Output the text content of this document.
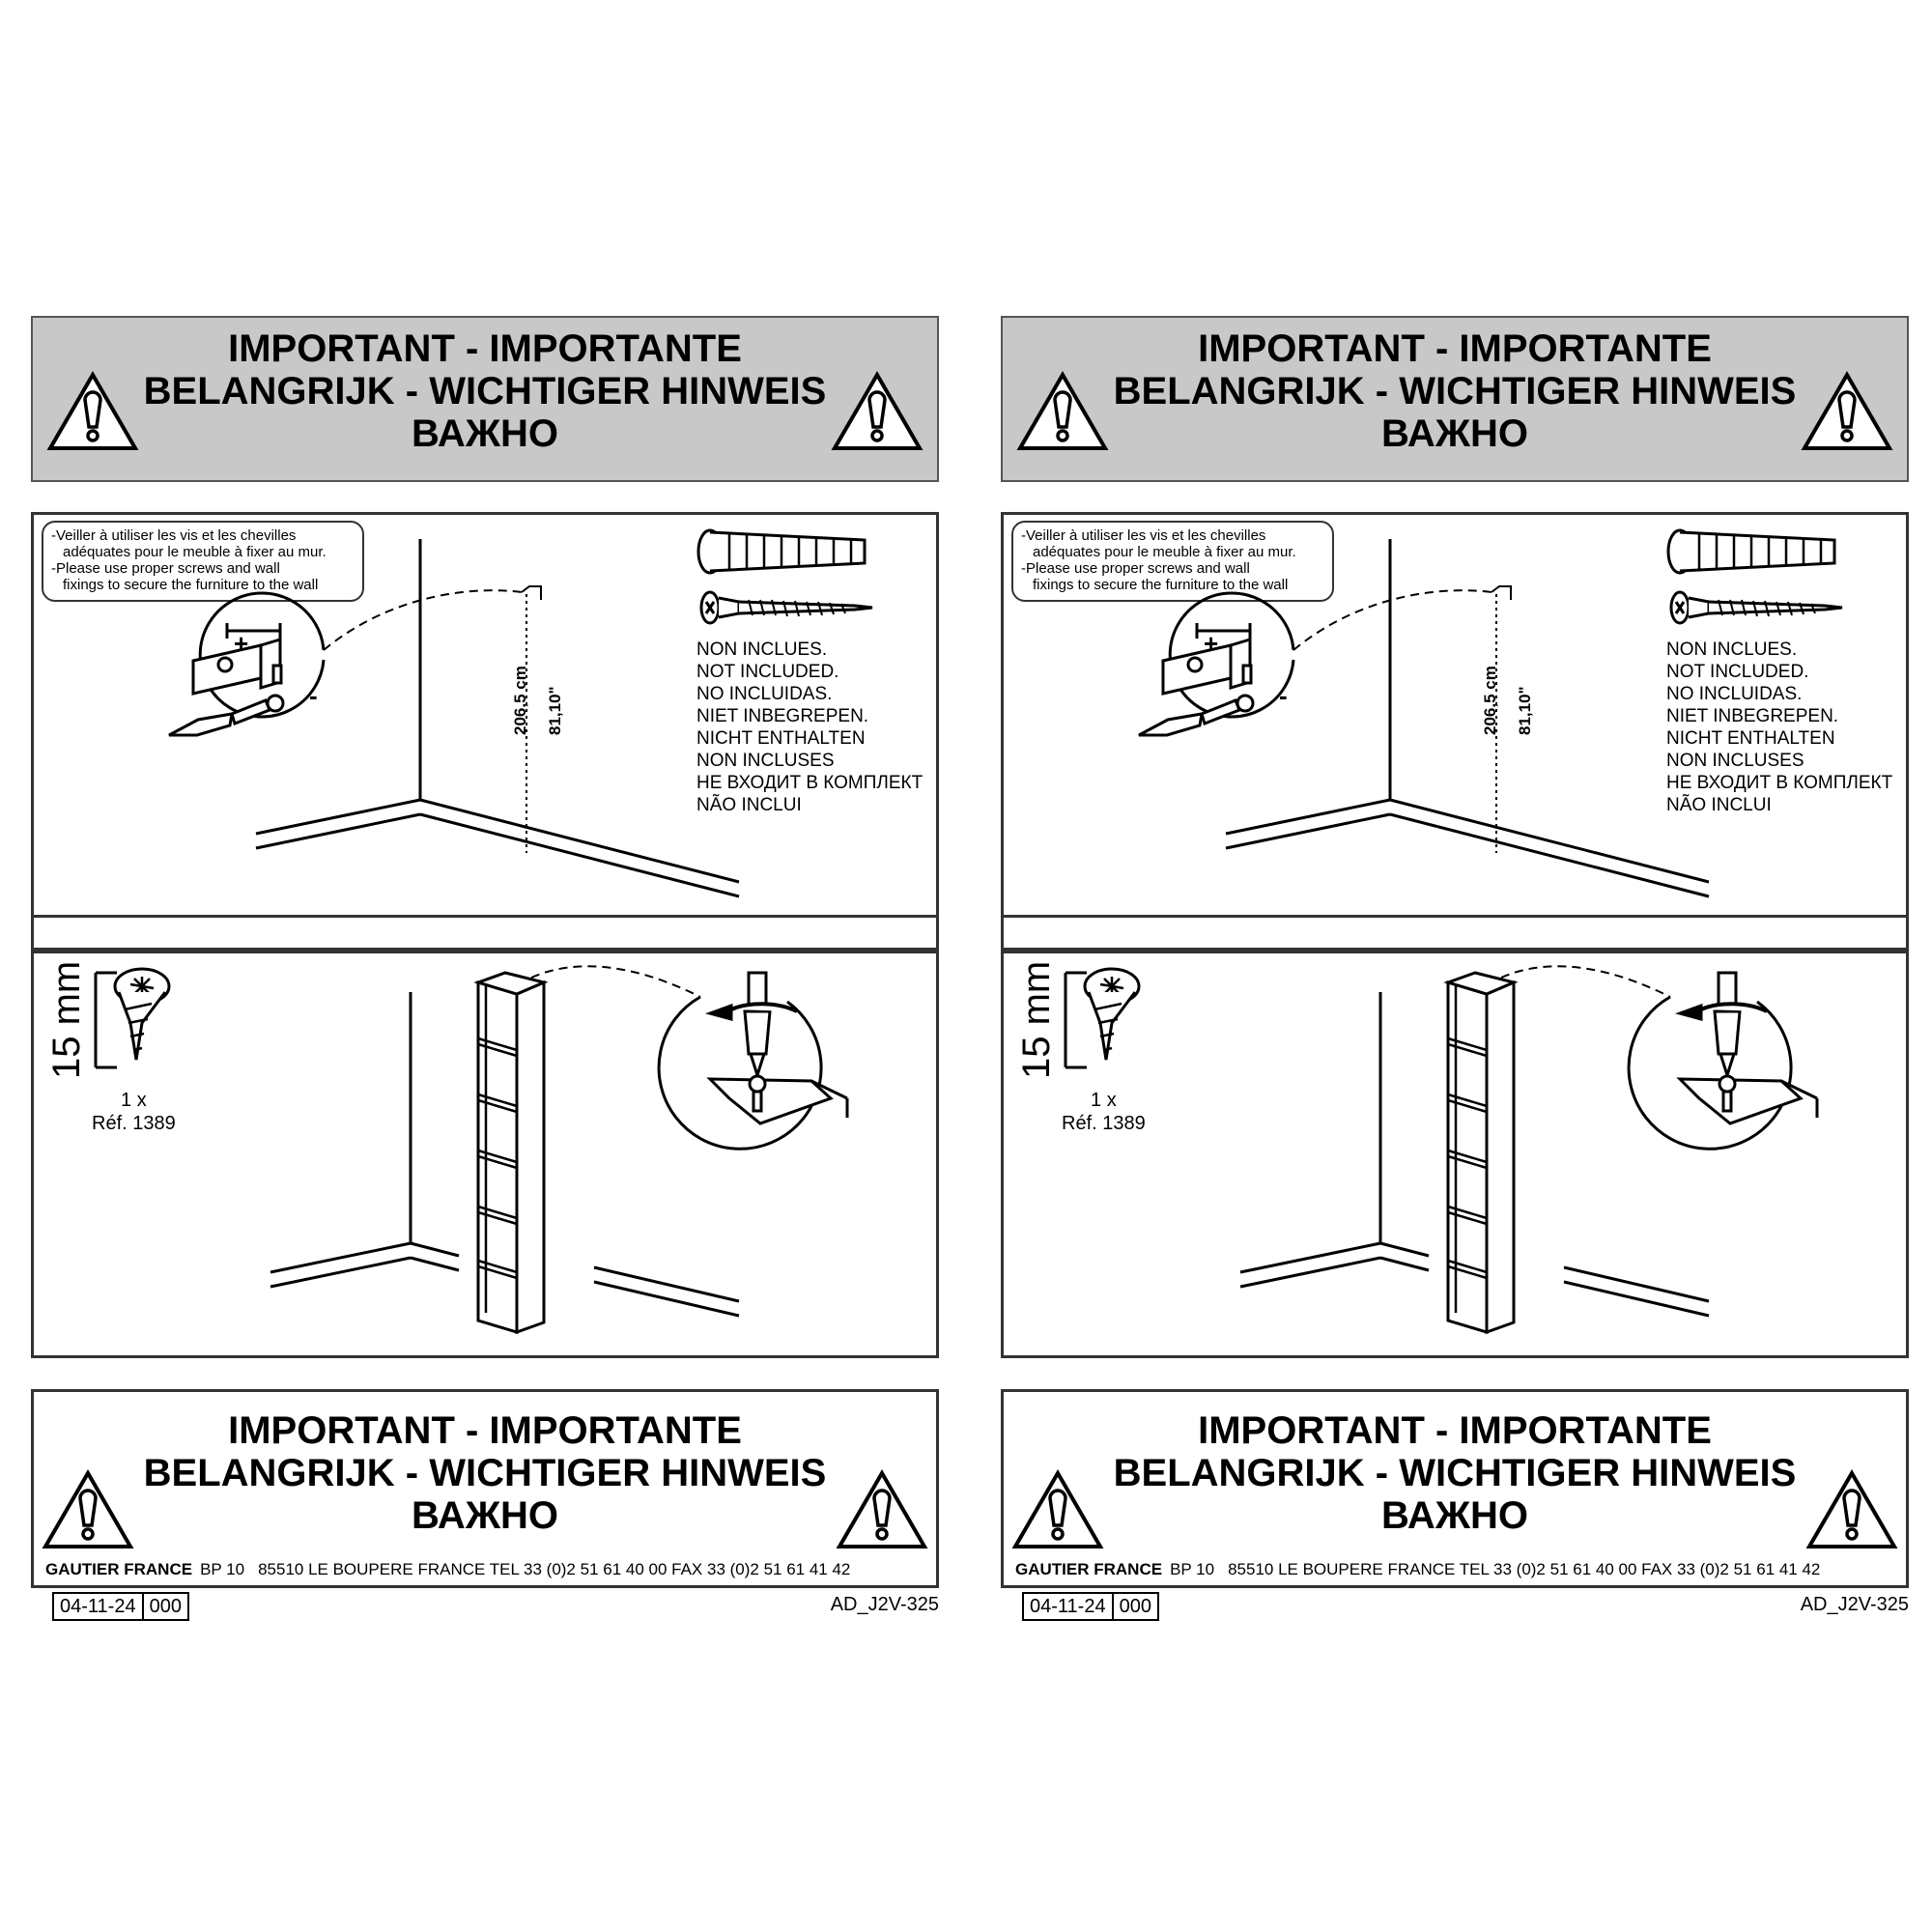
IMPORTANT - IMPORTANTE
BELANGRIJK - WICHTIGER HINWEIS
ВАЖНО

-Veiller à utiliser les vis et les chevilles

adéquates pour le meuble à fixer au mur.

-Please use proper screws and wall

fixings to secure the furniture to the wall

+
-	206,5 cm 81,10"
NON INCLUES.
NOT INCLUDED.
NO INCLUIDAS.
NIET INBEGREPEN.
NICHT ENTHALTEN
NON INCLUSES
НЕ ВХОДИТ В КОМПЛЕКТ
NÃO INCLUI
15 mm
1 x
Réf. 1389
IMPORTANT - IMPORTANTE
BELANGRIJK - WICHTIGER HINWEIS
ВАЖНО
GAUTIER FRANCE BP 10 85510 LE BOUPERE FRANCE TEL 33 (0)2 51 61 40 00 FAX 33 (0)2 51 61 41 42
04-11-24 000	AD_J2V-325
IMPORTANT - IMPORTANTE
BELANGRIJK - WICHTIGER HINWEIS
ВАЖНО

-Veiller à utiliser les vis et les chevilles

adéquates pour le meuble à fixer au mur.

-Please use proper screws and wall

fixings to secure the furniture to the wall

+
-	206,5 cm 81,10"
NON INCLUES.
NOT INCLUDED.
NO INCLUIDAS.
NIET INBEGREPEN.
NICHT ENTHALTEN
NON INCLUSES
НЕ ВХОДИТ В КОМПЛЕКТ
NÃO INCLUI
15 mm
1 x
Réf. 1389
IMPORTANT - IMPORTANTE
BELANGRIJK - WICHTIGER HINWEIS
ВАЖНО
GAUTIER FRANCE BP 10 85510 LE BOUPERE FRANCE TEL 33 (0)2 51 61 40 00 FAX 33 (0)2 51 61 41 42
04-11-24 000	AD_J2V-325
